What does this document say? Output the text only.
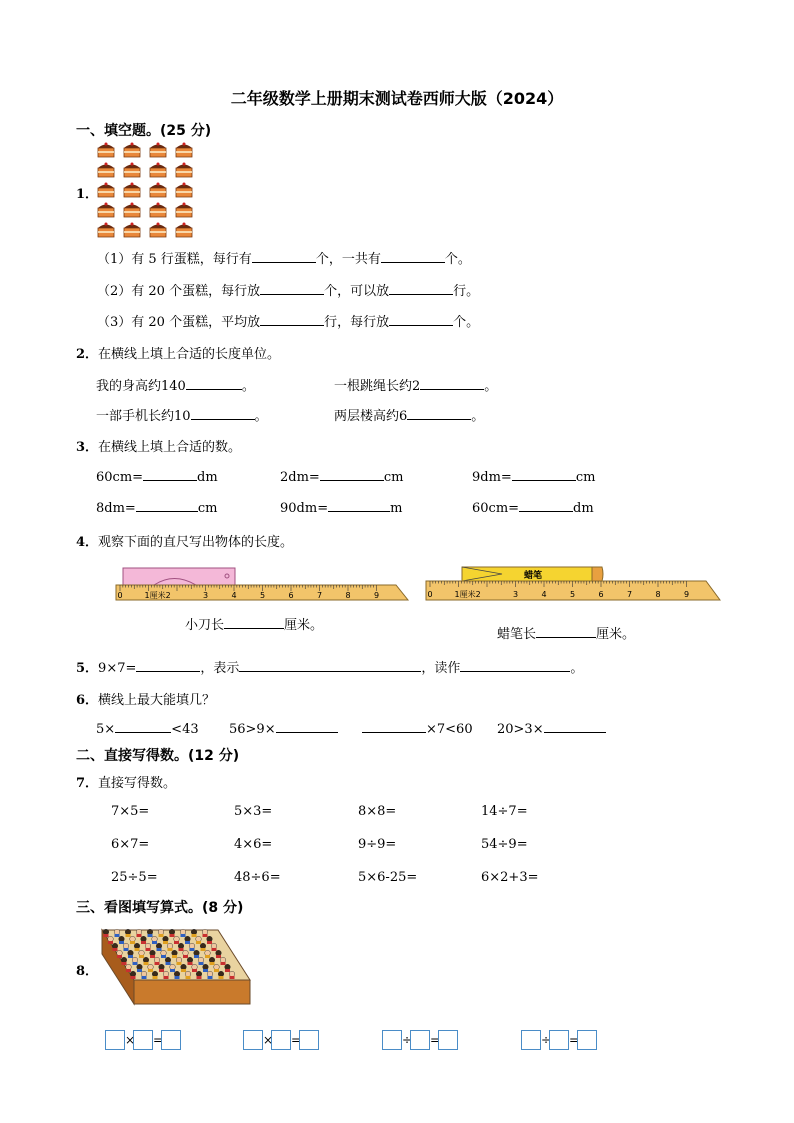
二年级数学上册期末测试卷西师大版（2024）
一、填空题。(25 分)
1．
（1）有 5 行蛋糕，每行有	个，一共有	个。
（2）有 20 个蛋糕，每行放	个，可以放	行。
（3）有 20 个蛋糕，平均放	行，每行放	个。
2．在横线上填上合适的长度单位。
我的身高约140	。	一根跳绳长约2	。
一部手机长约10	。	两层楼高约6	。
3．在横线上填上合适的数。
60cm=	dm	2dm=	cm	9dm=	cm
8dm=	cm	90dm=	m	60cm=	dm
4．观察下面的直尺写出物体的长度。
0	1厘米2	3	4	5	6	7	8	9
小刀长	厘米。
蜡笔
0	1厘米2	3	4	5	6	7	8	9
蜡笔长	厘米。
5．9×7=	，表示	，读作	。
6．横线上最大能填几？
5×	<43 56>9×	×7<60 20>3×
二、直接写得数。(12 分)
7．直接写得数。
7×5=	5×3=	8×8=	14÷7=
6×7=	4×6=	9÷9=	54÷9=
25÷5=	48÷6=	5×6-25=	6×2+3=
三、看图填写算式。(8 分)
8．
× =	× =	÷ =	÷ =
